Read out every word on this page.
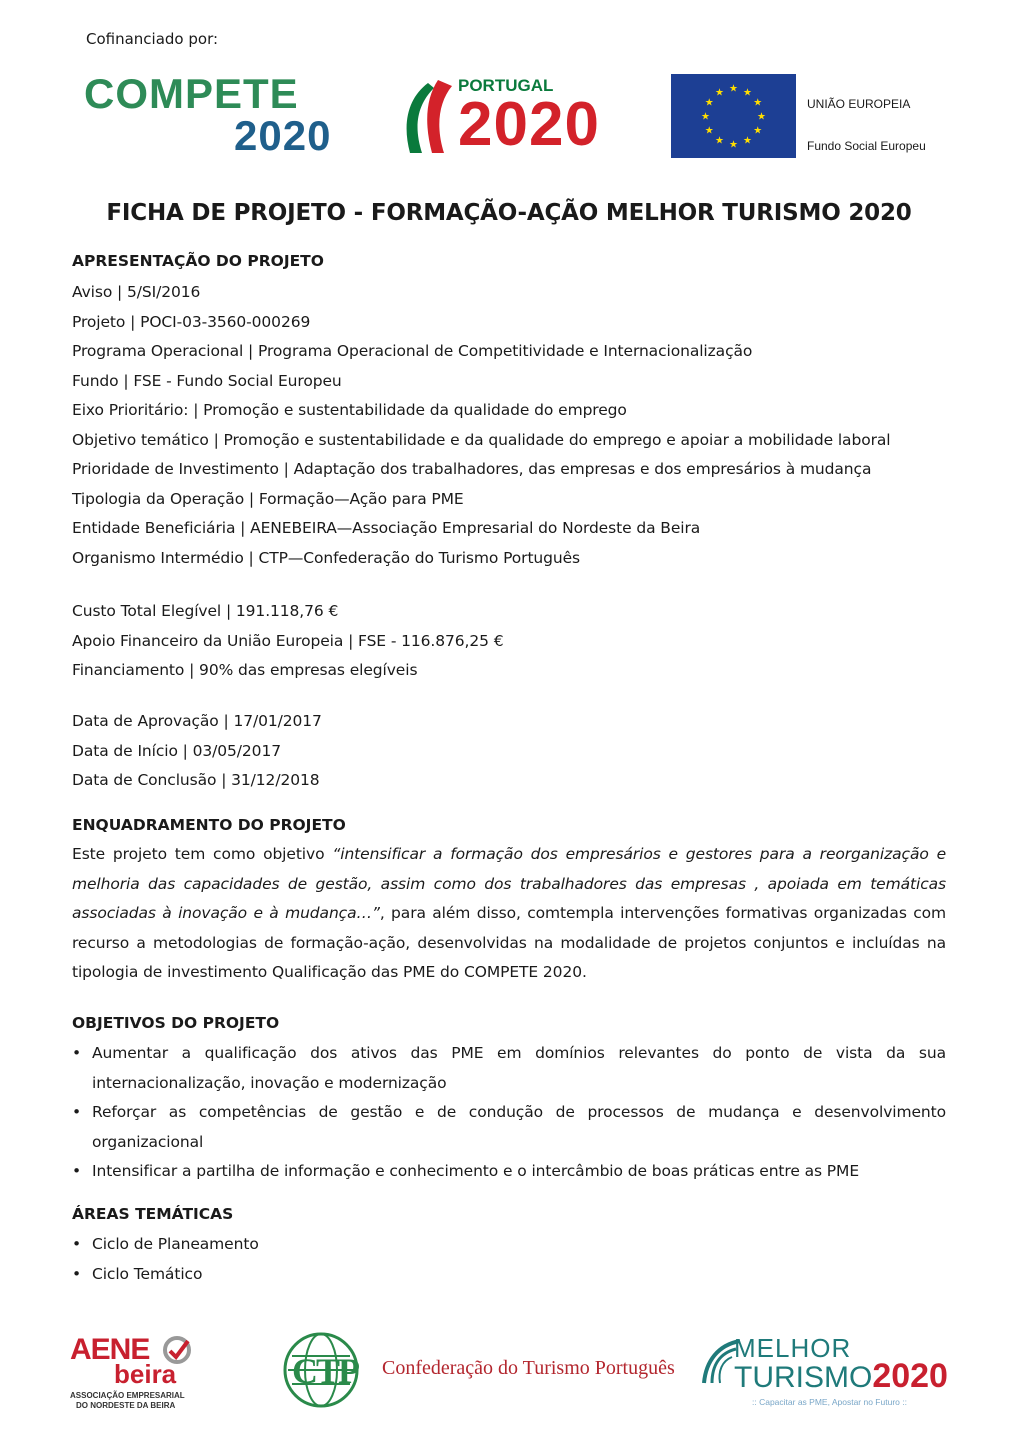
Cofinanciado por:
COMPETE
2020
PORTUGAL
2020
★ ★
★
★
★
★
★
★
★
★
★
★
UNIÃO EUROPEIA
Fundo Social Europeu
FICHA DE PROJETO - FORMAÇÃO-AÇÃO MELHOR TURISMO 2020
APRESENTAÇÃO DO PROJETO
Aviso | 5/SI/2016
Projeto | POCI-03-3560-000269
Programa Operacional | Programa Operacional de Competitividade e Internacionalização
Fundo | FSE - Fundo Social Europeu
Eixo Prioritário: | Promoção e sustentabilidade da qualidade do emprego
Objetivo temático | Promoção e sustentabilidade e da qualidade do emprego e apoiar a mobilidade laboral
Prioridade de Investimento | Adaptação dos trabalhadores, das empresas e dos empresários à mudança
Tipologia da Operação | Formação—Ação para PME
Entidade Beneficiária | AENEBEIRA—Associação Empresarial do Nordeste da Beira
Organismo Intermédio | CTP—Confederação do Turismo Português
Custo Total Elegível | 191.118,76 €
Apoio Financeiro da União Europeia | FSE - 116.876,25 €
Financiamento | 90% das empresas elegíveis
Data de Aprovação | 17/01/2017
Data de Início | 03/05/2017
Data de Conclusão | 31/12/2018
ENQUADRAMENTO DO PROJETO
Este projeto tem como objetivo “intensificar a formação dos empresários e gestores para a reorganização e melhoria das capacidades de gestão, assim como dos trabalhadores das empresas , apoiada em temáticas associadas à inovação e à mudança…”, para além disso, comtempla intervenções formativas organizadas com recurso a metodologias de formação-ação, desenvolvidas na modalidade de projetos conjuntos e incluídas na tipologia de investimento Qualificação das PME do COMPETE 2020.
OBJETIVOS DO PROJETO
• Aumentar a qualificação dos ativos das PME em domínios relevantes do ponto de vista da sua internacionalização, inovação e modernização
• Reforçar as competências de gestão e de condução de processos de mudança e desenvolvimento organizacional
• Intensificar a partilha de informação e conhecimento e o intercâmbio de boas práticas entre as PME
ÁREAS TEMÁTICAS
• Ciclo de Planeamento
• Ciclo Temático
AENE
beira
ASSOCIAÇÃO EMPRESARIAL
DO NORDESTE DA BEIRA
CTP Confederação do Turismo Português
MELHOR
TURISMO2020
:: Capacitar as PME, Apostar no Futuro ::
